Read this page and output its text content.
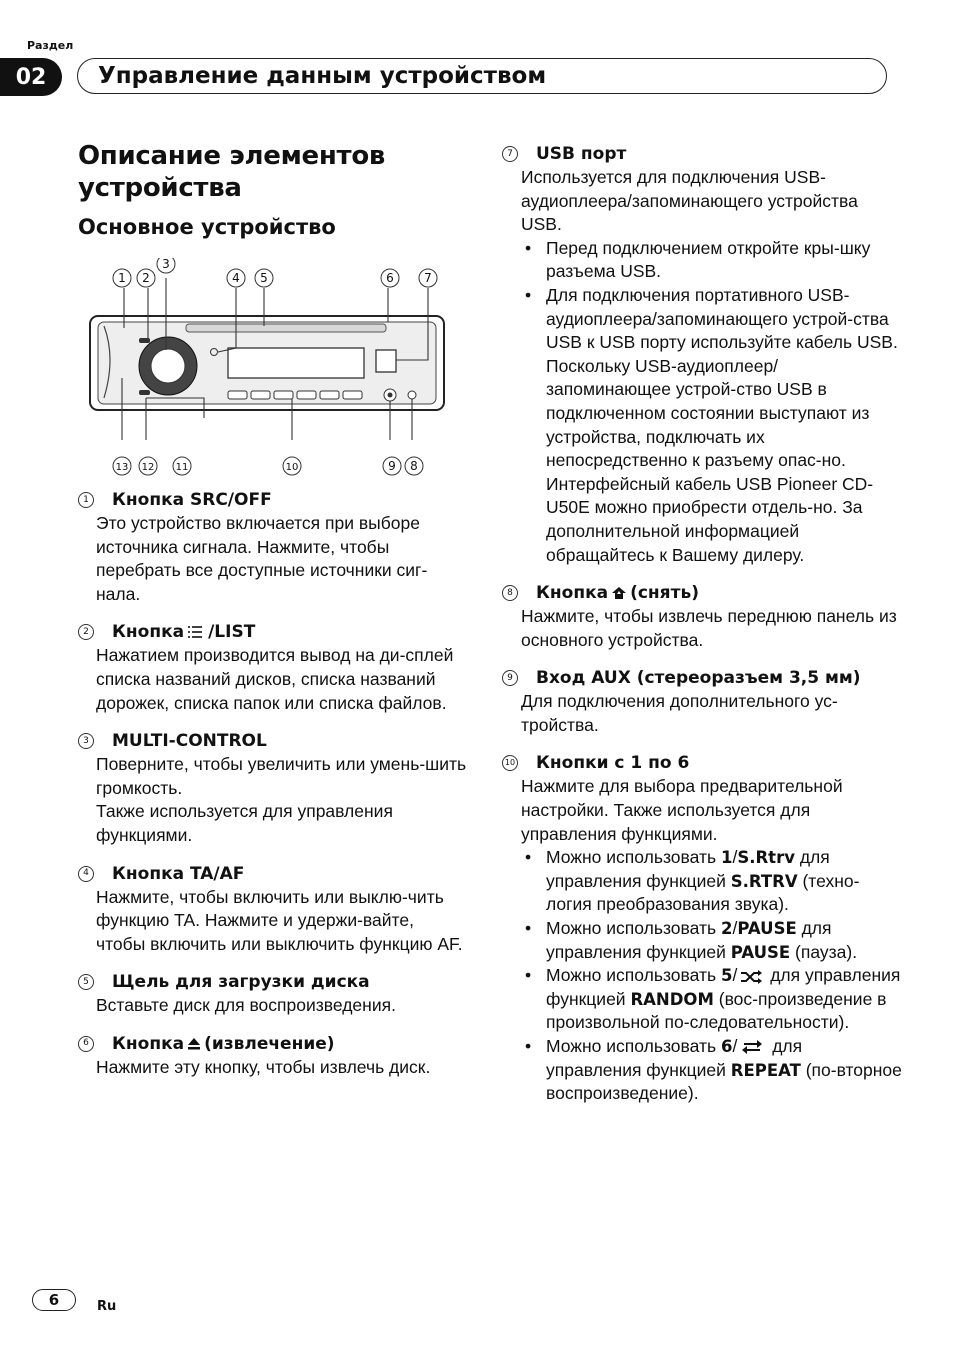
Раздел
02	Управление данным устройством
Описание элементов устройства
Основное устройство
1 2
3
4 5	6	7
8
9
10
11
12
13
1	Кнопка SRC/OFF

Это устройство включается при выборе источника сигнала. Нажмите, чтобы перебрать все доступные источники сиг-нала.

2	Кнопка /LIST

Нажатием производится вывод на ди-сплей списка названий дисков, списка названий дорожек, списка папок или списка файлов.

3	MULTI-CONTROL

Поверните, чтобы увеличить или умень-шить громкость.

Также используется для управления функциями.

4	Кнопка TA/AF

Нажмите, чтобы включить или выклю-чить функцию TA. Нажмите и удержи-вайте, чтобы включить или выключить функцию AF.

5	Щель для загрузки диска

Вставьте диск для воспроизведения.

6	Кнопка (извлечение)

Нажмите эту кнопку, чтобы извлечь диск.

7	USB порт

Используется для подключения USB-аудиоплеера/запоминающего устройства USB.

• Перед подключением откройте кры-шку разъема USB.
• Для подключения портативного USB-аудиоплеера/запоминающего устрой-ства USB к USB порту используйте кабель USB. Поскольку USB-аудиоплеер/запоминающее устрой-ство USB в подключенном состоянии выступают из устройства, подключать их непосредственно к разъему опас-но.

Интерфейсный кабель USB Pioneer CD-U50E можно приобрести отдель-но. За дополнительной информацией обращайтесь к Вашему дилеру.

8	Кнопка (снять)

Нажмите, чтобы извлечь переднюю панель из основного устройства.

9	Вход AUX (стереоразъем 3,5 мм)

Для подключения дополнительного ус-тройства.

10 Кнопки с 1 по 6

Нажмите для выбора предварительной настройки. Также используется для управления функциями.

• Можно использовать 1/S.Rtrv для управления функцией S.RTRV (техно-логия преобразования звука).
• Можно использовать 2/PAUSE для управления функцией PAUSE (пауза).
• Можно использовать 5/ для управления функцией RANDOM (вос-произведение в произвольной по-следовательности).
• Можно использовать 6/ для управления функцией REPEAT (по-вторное воспроизведение).
6	Ru
